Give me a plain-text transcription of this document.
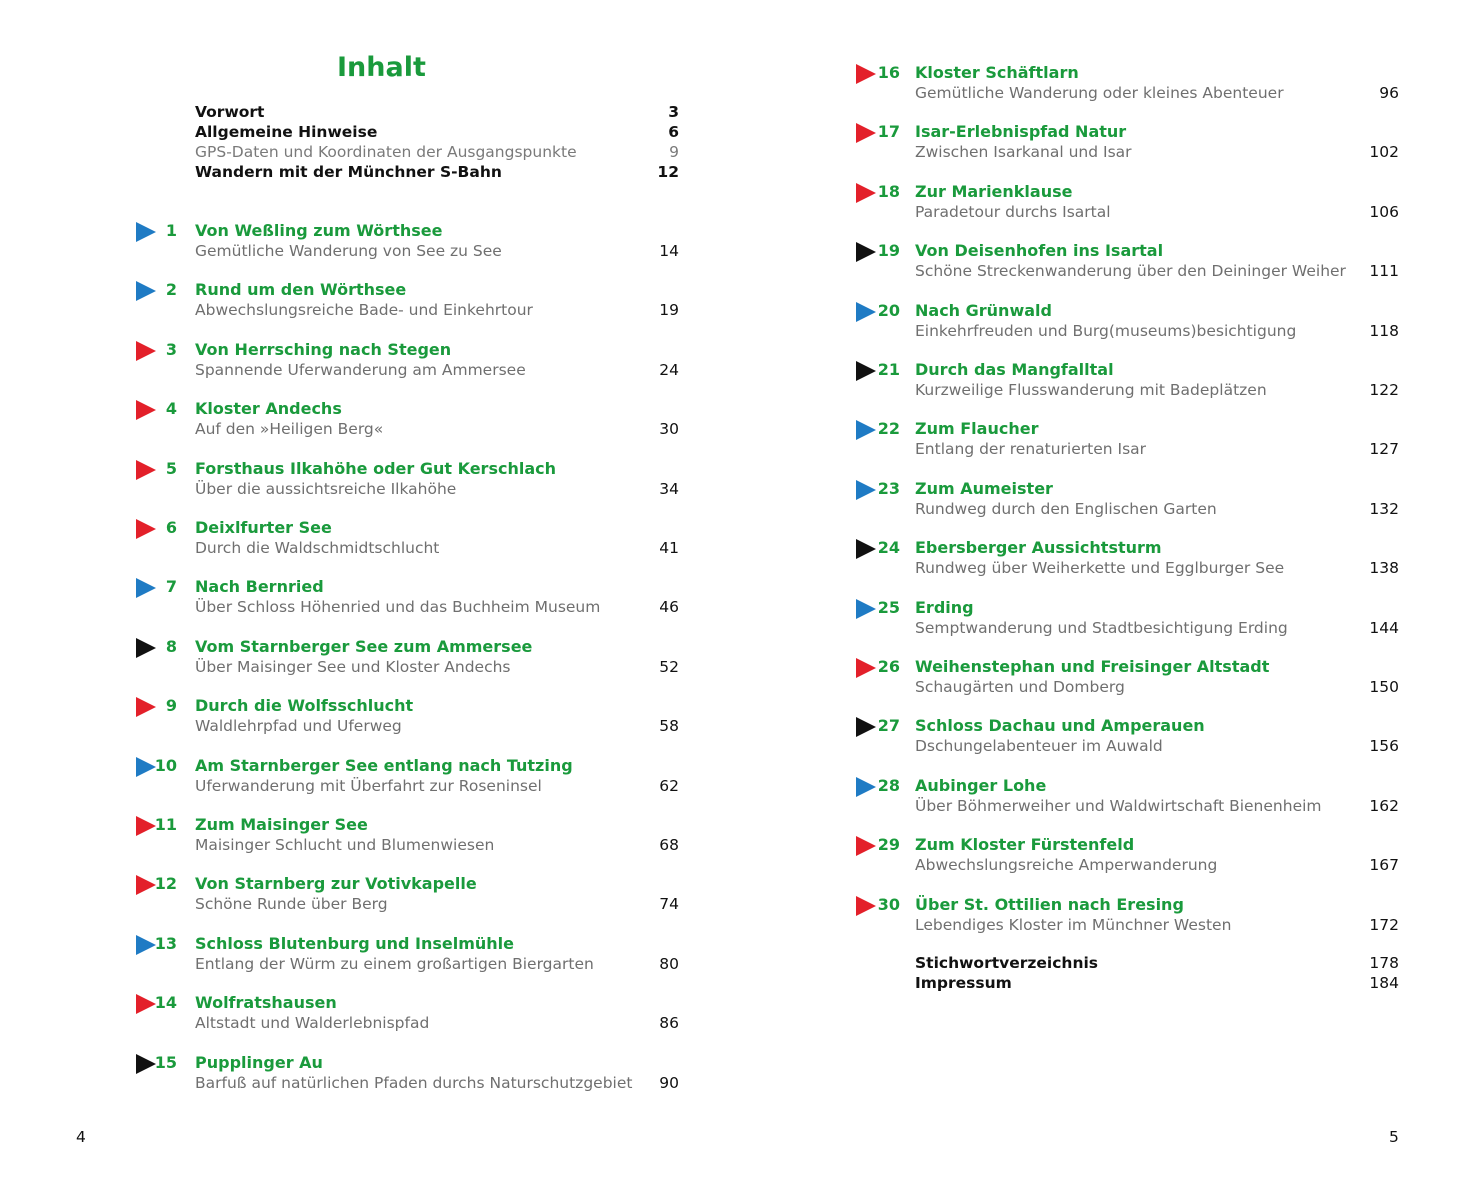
Inhalt
Vorwort	3
Allgemeine Hinweise	6
GPS-Daten und Koordinaten der Ausgangspunkte	9
Wandern mit der Münchner S-Bahn	12
1 Von Weßling zum Wörthsee
Gemütliche Wanderung von See zu See	14
2 Rund um den Wörthsee
Abwechslungsreiche Bade- und Einkehrtour	19
3 Von Herrsching nach Stegen
Spannende Uferwanderung am Ammersee	24
4 Kloster Andechs
Auf den »Heiligen Berg«	30
5 Forsthaus Ilkahöhe oder Gut Kerschlach
Über die aussichtsreiche Ilkahöhe	34
6 Deixlfurter See
Durch die Waldschmidtschlucht	41
7 Nach Bernried
Über Schloss Höhenried und das Buchheim Museum	46
8 Vom Starnberger See zum Ammersee
Über Maisinger See und Kloster Andechs	52
9 Durch die Wolfsschlucht
Waldlehrpfad und Uferweg	58
10 Am Starnberger See entlang nach Tutzing
Uferwanderung mit Überfahrt zur Roseninsel	62
11 Zum Maisinger See
Maisinger Schlucht und Blumenwiesen	68
12 Von Starnberg zur Votivkapelle
Schöne Runde über Berg	74
13 Schloss Blutenburg und Inselmühle
Entlang der Würm zu einem großartigen Biergarten	80
14 Wolfratshausen
Altstadt und Walderlebnispfad	86
15 Pupplinger Au
Barfuß auf natürlichen Pfaden durchs Naturschutzgebiet 90
4
16 Kloster Schäftlarn
Gemütliche Wanderung oder kleines Abenteuer	96
17 Isar-Erlebnispfad Natur
Zwischen Isarkanal und Isar	102
18 Zur Marienklause
Paradetour durchs Isartal	106
19 Von Deisenhofen ins Isartal
Schöne Streckenwanderung über den Deininger Weiher 111
20 Nach Grünwald
Einkehrfreuden und Burg(museums)besichtigung	118
21 Durch das Mangfalltal
Kurzweilige Flusswanderung mit Badeplätzen	122
22 Zum Flaucher
Entlang der renaturierten Isar	127
23 Zum Aumeister
Rundweg durch den Englischen Garten	132
24 Ebersberger Aussichtsturm
Rundweg über Weiherkette und Egglburger See	138
25 Erding
Semptwanderung und Stadtbesichtigung Erding	144
26 Weihenstephan und Freisinger Altstadt
Schaugärten und Domberg	150
27 Schloss Dachau und Amperauen
Dschungelabenteuer im Auwald	156
28 Aubinger Lohe
Über Böhmerweiher und Waldwirtschaft Bienenheim	162
29 Zum Kloster Fürstenfeld
Abwechslungsreiche Amperwanderung	167
30 Über St. Ottilien nach Eresing
Lebendiges Kloster im Münchner Westen	172
Stichwortverzeichnis	178
Impressum	184
5
